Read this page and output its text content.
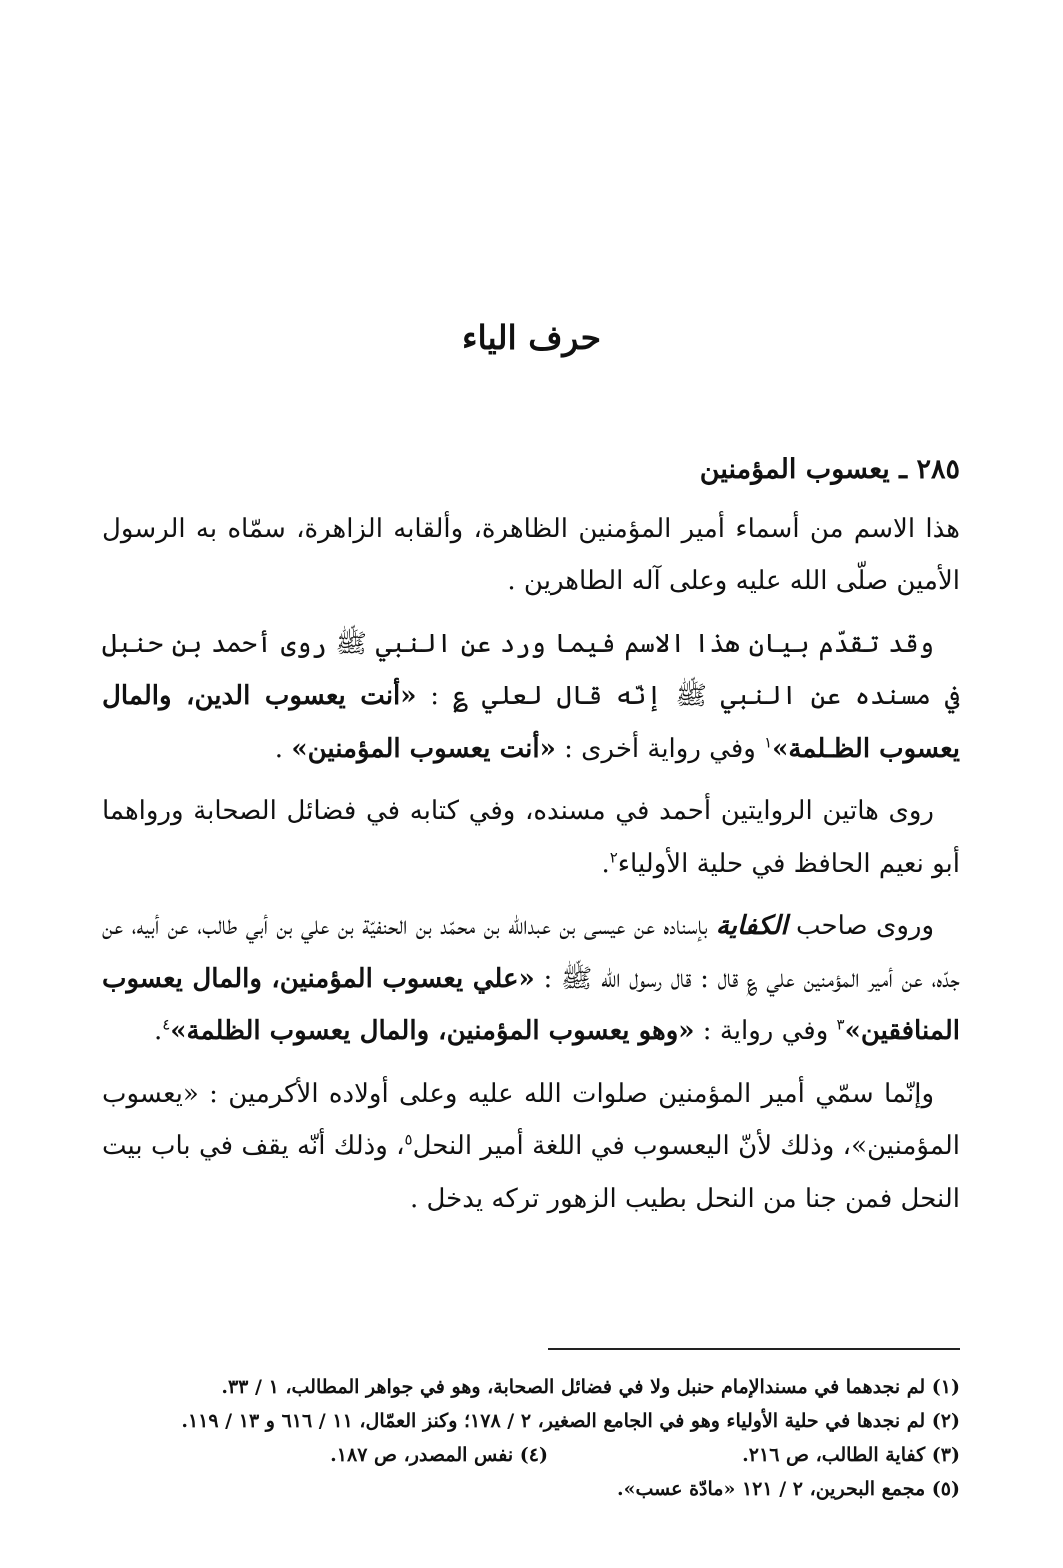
حرف الياء
٢٨٥ ـ يعسوب المؤمنين

هذا الاسم من أسماء أمير المؤمنين الظاهرة، وألقابه الزاهرة، سمّاه به الرسول الأمين صلّى الله عليه وعلى آله الطاهرين .

وقد تقدّم بيان هذا الاسم فيما ورد عن النبي ﷺ روى أحمد بن حنبل في مسنده عن النبي ﷺ إنّه قال لعلي ؏ : «أنت يعسوب الدين، والمال يعسوب الظـلمة»$^١$ وفي رواية أخرى : «أنت يعسوب المؤمنين» .

روى هاتين الروايتين أحمد في مسنده، وفي كتابه في فضائل الصحابة ورواهما أبو نعيم الحافظ في حلية الأولياء$^٢$.

وروى صاحب الكفاية بإسناده عن عيسى بن عبدالله بن محمّد بن الحنفيّة بن علي بن أبي طالب، عن أبيه، عن جدّه، عن أمير المؤمنين علي ؏ قال : قال رسول الله ﷺ : «علي يعسوب المؤمنين، والمال يعسوب المنافقين»$^٣$ وفي رواية : «وهو يعسوب المؤمنين، والمال يعسوب الظلمة»$^٤$.

وإنّما سمّي أمير المؤمنين صلوات الله عليه وعلى أولاده الأكرمين : «يعسوب المؤمنين»، وذلك لأنّ اليعسوب في اللغة أمير النحل$^٥$، وذلك أنّه يقف في باب بيت النحل فمن جنا من النحل بطيب الزهور تركه يدخل .

(١) لم نجدهما في مسندالإمام حنبل ولا في فضائل الصحابة، وهو في جواهر المطالب، ١ / ٣٣.
(٢) لم نجدها في حلية الأولياء وهو في الجامع الصغير، ٢ / ١٧٨؛ وكنز العمّال، ١١ / ٦١٦ و ١٣ / ١١٩.
(٣) كفاية الطالب، ص ٢١٦.
(٤) نفس المصدر، ص ١٨٧.
(٥) مجمع البحرين، ٢ / ١٢١ «مادّة عسب».
